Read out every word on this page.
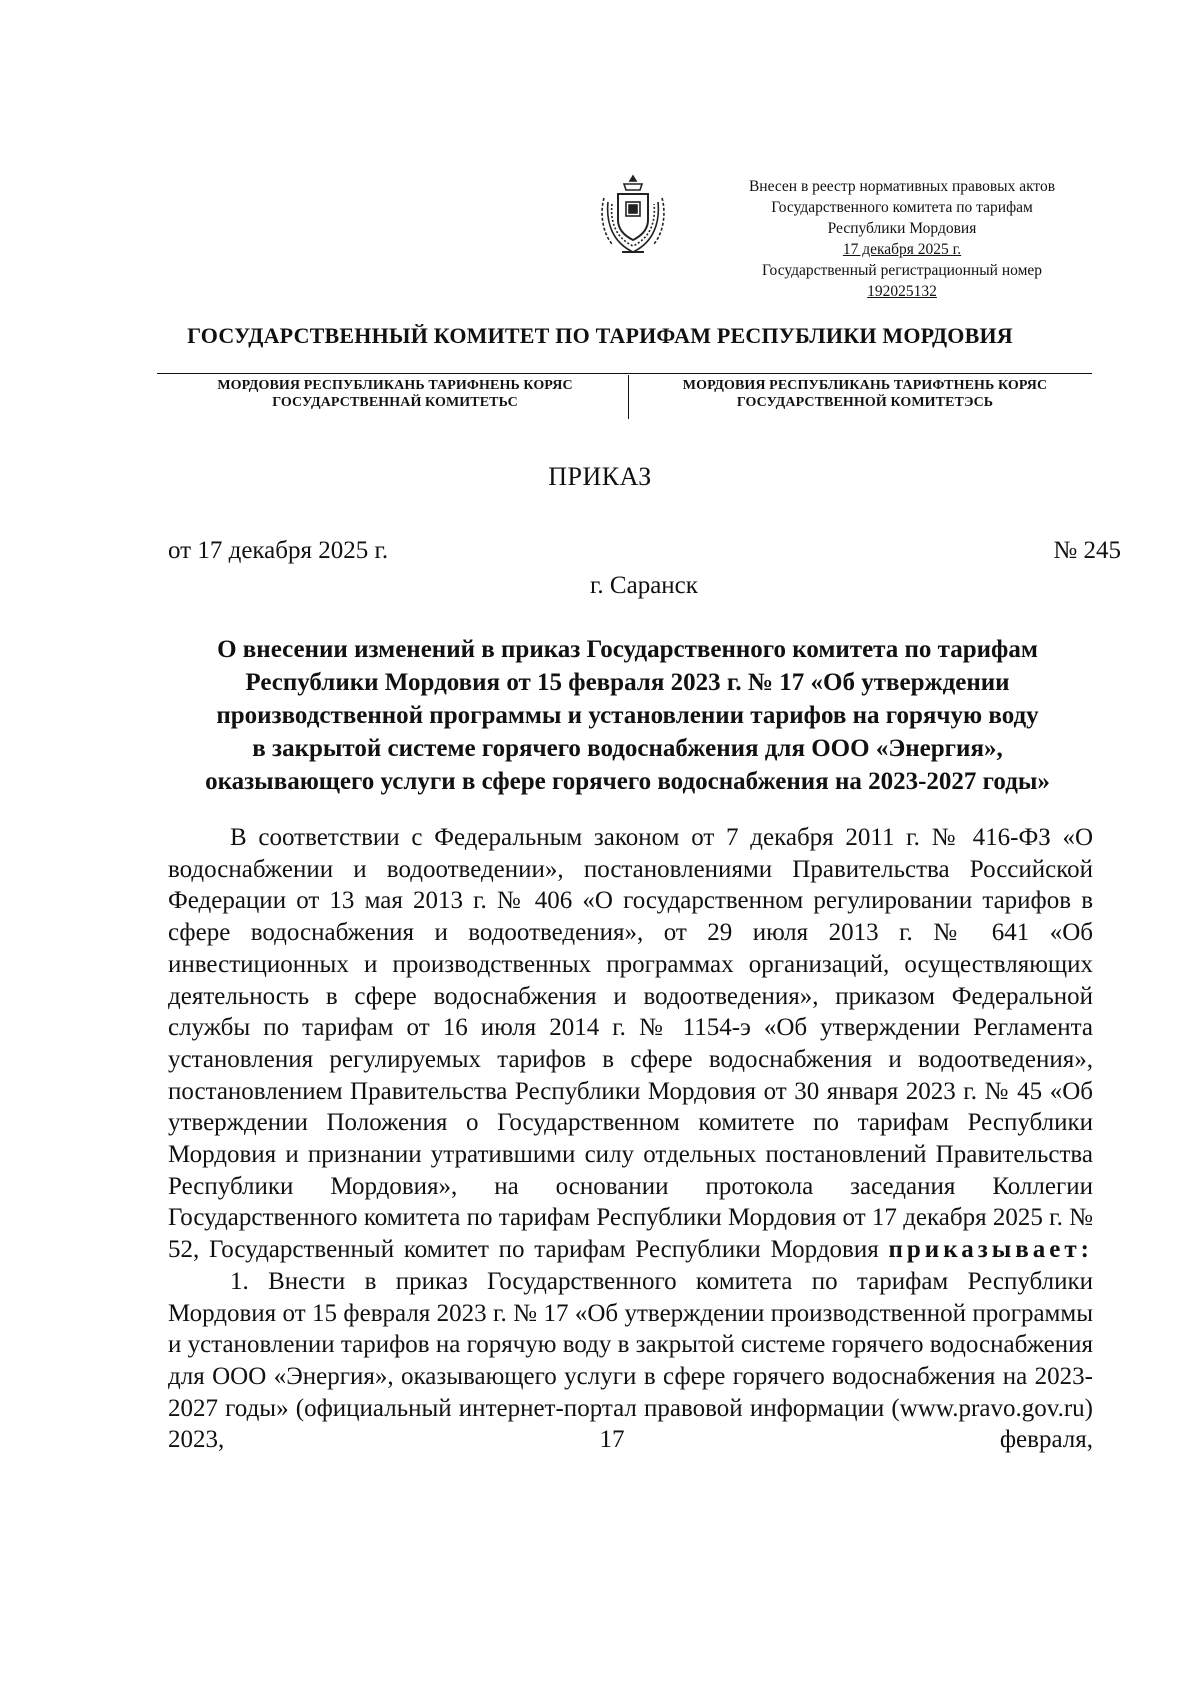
Внесен в реестр нормативных правовых актов
Государственного комитета по тарифам
Республики Мордовия
17 декабря 2025 г.
Государственный регистрационный номер
192025132
ГОСУДАРСТВЕННЫЙ КОМИТЕТ ПО ТАРИФАМ РЕСПУБЛИКИ МОРДОВИЯ
МОРДОВИЯ РЕСПУБЛИКАНЬ ТАРИФНЕНЬ КОРЯС
ГОСУДАРСТВЕННАЙ КОМИТЕТЬС
МОРДОВИЯ РЕСПУБЛИКАНЬ ТАРИФТНЕНЬ КОРЯС
ГОСУДАРСТВЕННОЙ КОМИТЕТЭСЬ
ПРИКАЗ
от 17 декабря 2025 г.	№ 245
г. Саранск
О внесении изменений в приказ Государственного комитета по тарифам
Республики Мордовия от 15 февраля 2023 г. № 17 «Об утверждении
производственной программы и установлении тарифов на горячую воду
в закрытой системе горячего водоснабжения для ООО «Энергия»,
оказывающего услуги в сфере горячего водоснабжения на 2023-2027 годы»

В соответствии с Федеральным законом от 7 декабря 2011 г. № 416-ФЗ «О водоснабжении и водоотведении», постановлениями Правительства Российской Федерации от 13 мая 2013 г. № 406 «О государственном регулировании тарифов в сфере водоснабжения и водоотведения», от 29 июля 2013 г. № 641 «Об инвестиционных и производственных программах организаций, осуществляющих деятельность в сфере водоснабжения и водоотведения», приказом Федеральной службы по тарифам от 16 июля 2014 г. № 1154-э «Об утверждении Регламента установления регулируемых тарифов в сфере водоснабжения и водоотведения», постановлением Правительства Республики Мордовия от 30 января 2023 г. № 45 «Об утверждении Положения о Государственном комитете по тарифам Республики Мордовия и признании утратившими силу отдельных постановлений Правительства Республики Мордовия», на основании протокола заседания Коллегии Государственного комитета по тарифам Республики Мордовия от 17 декабря 2025 г. № 52, Государственный комитет по тарифам Республики Мордовия приказывает:

1. Внести в приказ Государственного комитета по тарифам Республики Мордовия от 15 февраля 2023 г. № 17 «Об утверждении производственной программы и установлении тарифов на горячую воду в закрытой системе горячего водоснабжения для ООО «Энергия», оказывающего услуги в сфере горячего водоснабжения на 2023-2027 годы» (официальный интернет-портал правовой информации (www.pravo.gov.ru) 2023, 17 февраля,
